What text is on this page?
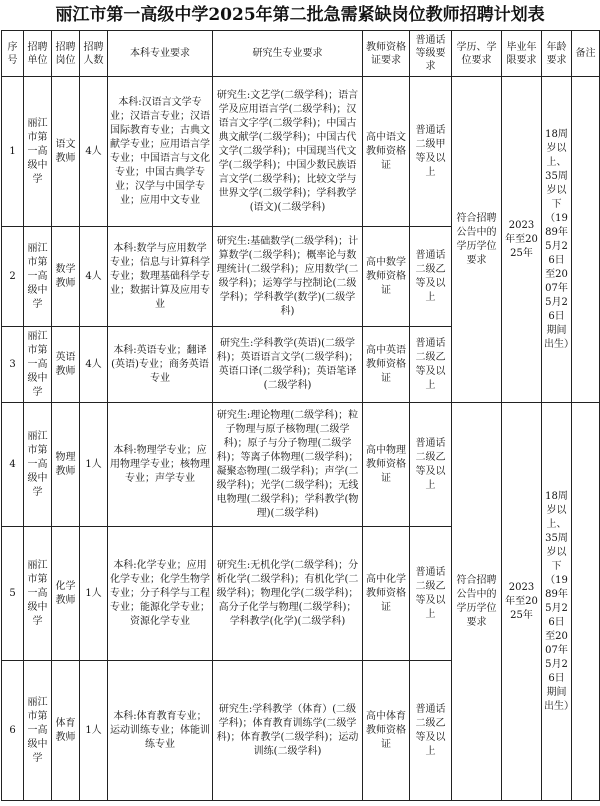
丽江市第一高级中学2025年第二批急需紧缺岗位教师招聘计划表
序号	招聘单位	招聘岗位	招聘人数	本科专业要求	研究生专业要求	教师资格证要求	普通话等级要求	学历、学位要求	毕业年限要求	年龄要求	备注
1	丽江市第一高级中学	语文教师	4人	本科:汉语言文学专业；汉语言专业；汉语国际教育专业；古典文献学专业；应用语言学专业；中国语言与文化专业；中国古典学专业；汉学与中国学专业；应用中文专业	研究生:文艺学(二级学科)；语言学及应用语言学(二级学科)；汉语言文字学(二级学科)；中国古典文献学(二级学科)；中国古代文学(二级学科)；中国现当代文学(二级学科)；中国少数民族语言文学(二级学科)；比较文学与世界文学(二级学科)；学科教学(语文)(二级学科)	高中语文教师资格证	普通话二级甲等及以上	符合招聘公告中的学历学位要求	2023年至2025年	18周岁以上、35周岁以下（1989年5月26日至2007年5月26日期间出生）	
2	丽江市第一高级中学	数学教师	4人	本科:数学与应用数学专业；信息与计算科学专业；数理基础科学专业；数据计算及应用专业	研究生:基础数学(二级学科)；计算数学(二级学科)；概率论与数理统计(二级学科)；应用数学(二级学科)；运筹学与控制论(二级学科)；学科教学(数学)(二级学科)	高中数学教师资格证	普通话二级乙等及以上				
3	丽江市第一高级中学	英语教师	4人	本科:英语专业；翻译(英语)专业；商务英语专业	研究生:学科教学(英语)(二级学科)；英语语言文学(二级学科)；英语口译(二级学科)；英语笔译(二级学科)	高中英语教师资格证	普通话二级乙等及以上				
4	丽江市第一高级中学	物理教师	1人	本科:物理学专业；应用物理学专业；核物理专业；声学专业	研究生:理论物理(二级学科)；粒子物理与原子核物理(二级学科)；原子与分子物理(二级学科)；等离子体物理(二级学科)；凝聚态物理(二级学科)；声学(二级学科)；光学(二级学科)；无线电物理(二级学科)；学科教学(物理)(二级学科)	高中物理教师资格证	普通话二级乙等及以上	符合招聘公告中的学历学位要求	2023年至2025年	18周岁以上、35周岁以下（1989年5月26日至2007年5月26日期间出生）	
5	丽江市第一高级中学	化学教师	1人	本科:化学专业；应用化学专业；化学生物学专业；分子科学与工程专业；能源化学专业；资源化学专业	研究生:无机化学(二级学科)；分析化学(二级学科)；有机化学(二级学科)；物理化学(二级学科)；高分子化学与物理(二级学科)；学科教学(化学)(二级学科)	高中化学教师资格证	普通话二级乙等及以上				
6	丽江市第一高级中学	体育教师	1人	本科:体育教育专业；运动训练专业；体能训练专业	研究生:学科教学（体育）(二级学科)；体育教育训练学(二级学科)；体育教学(二级学科)；运动训练(二级学科)	高中体育教师资格证	普通话二级乙等及以上				
